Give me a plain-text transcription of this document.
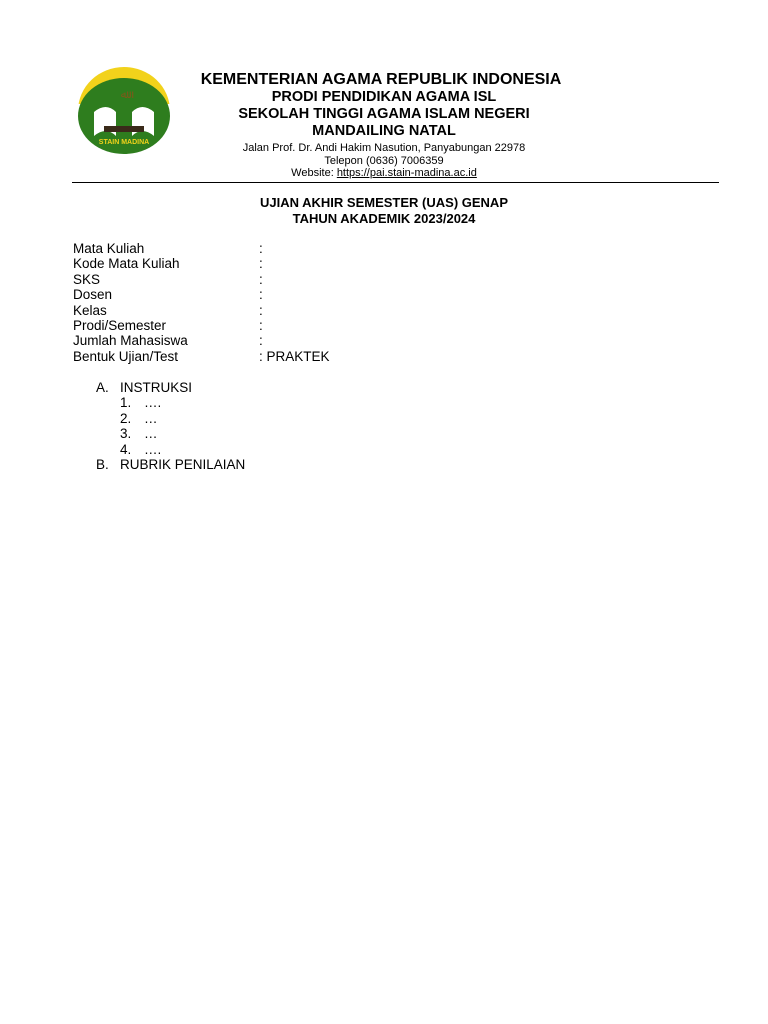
ﷲ
STAIN MADINA
KEMENTERIAN AGAMA REPUBLIK INDONESIA
PRODI PENDIDIKAN AGAMA ISL
SEKOLAH TINGGI AGAMA ISLAM NEGERI
MANDAILING NATAL
Jalan Prof. Dr. Andi Hakim Nasution, Panyabungan 22978
Telepon (0636) 7006359
Website: https://pai.stain-madina.ac.id
UJIAN AKHIR SEMESTER (UAS) GENAP
TAHUN AKADEMIK 2023/2024
Mata Kuliah	:
Kode Mata Kuliah	:
SKS	:
Dosen	:
Kelas	:
Prodi/Semester	:
Jumlah Mahasiswa	:
Bentuk Ujian/Test	: PRAKTEK
A. INSTRUKSI
1. ….
2. …
3. …
4. ….
B. RUBRIK PENILAIAN
